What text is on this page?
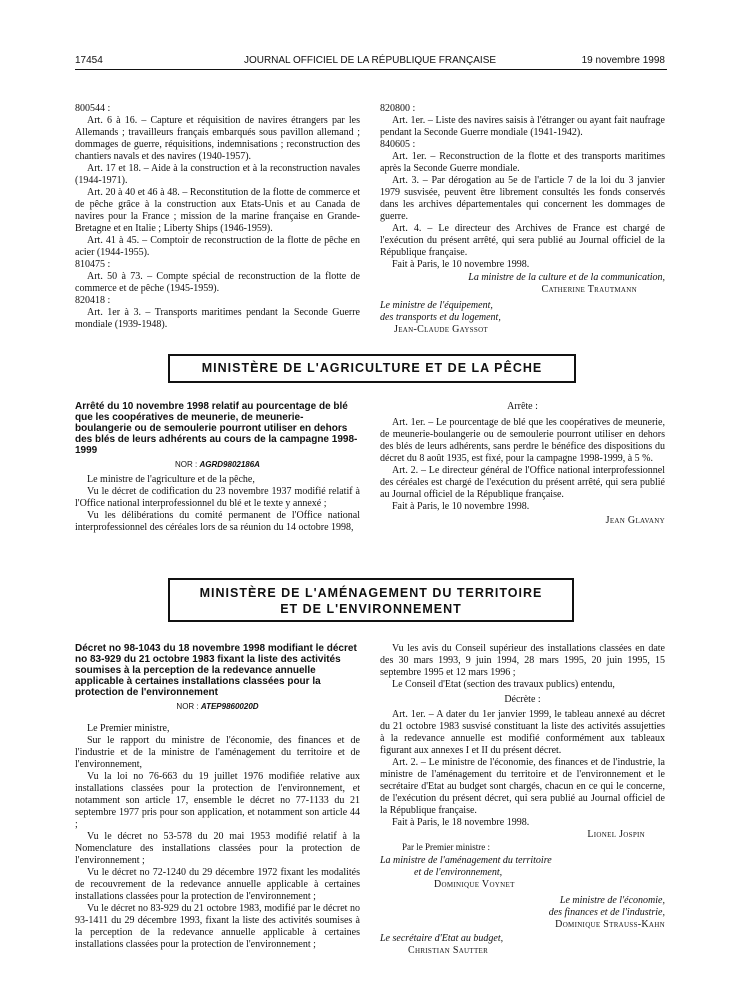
17454	JOURNAL OFFICIEL DE LA RÉPUBLIQUE FRANÇAISE	19 novembre 1998

800544 :

Art. 6 à 16. – Capture et réquisition de navires étrangers par les Allemands ; travailleurs français embarqués sous pavillon allemand ; dommages de guerre, réquisitions, indemnisations ; reconstruction des chantiers navals et des navires (1940-1957).

Art. 17 et 18. – Aide à la construction et à la reconstruction navales (1944-1971).

Art. 20 à 40 et 46 à 48. – Reconstitution de la flotte de commerce et de pêche grâce à la construction aux Etats-Unis et au Canada de navires pour la France ; mission de la marine française en Grande-Bretagne et en Italie ; Liberty Ships (1946-1959).

Art. 41 à 45. – Comptoir de reconstruction de la flotte de pêche en acier (1944-1955).

810475 :

Art. 50 à 73. – Compte spécial de reconstruction de la flotte de commerce et de pêche (1945-1959).

820418 :

Art. 1er à 3. – Transports maritimes pendant la Seconde Guerre mondiale (1939-1948).

820800 :

Art. 1er. – Liste des navires saisis à l'étranger ou ayant fait naufrage pendant la Seconde Guerre mondiale (1941-1942).

840605 :

Art. 1er. – Reconstruction de la flotte et des transports maritimes après la Seconde Guerre mondiale.

Art. 3. – Par dérogation au 5e de l'article 7 de la loi du 3 janvier 1979 susvisée, peuvent être librement consultés les fonds conservés dans les archives départementales qui concernent les dommages de guerre.

Art. 4. – Le directeur des Archives de France est chargé de l'exécution du présent arrêté, qui sera publié au Journal officiel de la République française.

Fait à Paris, le 10 novembre 1998.

La ministre de la culture et de la communication,

Catherine Trautmann

Le ministre de l'équipement,

des transports et du logement,

Jean-Claude Gayssot

MINISTÈRE DE L'AGRICULTURE ET DE LA PÊCHE

Arrêté du 10 novembre 1998 relatif au pourcentage de blé que les coopératives de meunerie, de meunerie-boulangerie ou de semoulerie pourront utiliser en dehors des blés de leurs adhérents au cours de la campagne 1998-1999

NOR : AGRD9802186A

Le ministre de l'agriculture et de la pêche,

Vu le décret de codification du 23 novembre 1937 modifié relatif à l'Office national interprofessionnel du blé et le texte y annexé ;

Vu les délibérations du comité permanent de l'Office national interprofessionnel des céréales lors de sa réunion du 14 octobre 1998,

Arrête :

Art. 1er. – Le pourcentage de blé que les coopératives de meunerie, de meunerie-boulangerie ou de semoulerie pourront utiliser en dehors des blés de leurs adhérents, sans perdre le bénéfice des dispositions du décret du 8 août 1935, est fixé, pour la campagne 1998-1999, à 5 %.

Art. 2. – Le directeur général de l'Office national interprofessionnel des céréales est chargé de l'exécution du présent arrêté, qui sera publié au Journal officiel de la République française.

Fait à Paris, le 10 novembre 1998.

Jean Glavany

MINISTÈRE DE L'AMÉNAGEMENT DU TERRITOIRE
ET DE L'ENVIRONNEMENT

Décret no 98-1043 du 18 novembre 1998 modifiant le décret no 83-929 du 21 octobre 1983 fixant la liste des activités soumises à la perception de la redevance annuelle applicable à certaines installations classées pour la protection de l'environnement

NOR : ATEP9860020D

Le Premier ministre,

Sur le rapport du ministre de l'économie, des finances et de l'industrie et de la ministre de l'aménagement du territoire et de l'environnement,

Vu la loi no 76-663 du 19 juillet 1976 modifiée relative aux installations classées pour la protection de l'environnement, et notamment son article 17, ensemble le décret no 77-1133 du 21 septembre 1977 pris pour son application, et notamment son article 44 ;

Vu le décret no 53-578 du 20 mai 1953 modifié relatif à la Nomenclature des installations classées pour la protection de l'environnement ;

Vu le décret no 72-1240 du 29 décembre 1972 fixant les modalités de recouvrement de la redevance annuelle applicable à certaines installations classées pour la protection de l'environnement ;

Vu le décret no 83-929 du 21 octobre 1983, modifié par le décret no 93-1411 du 29 décembre 1993, fixant la liste des activités soumises à la perception de la redevance annuelle applicable à certaines installations classées pour la protection de l'environnement ;

Vu les avis du Conseil supérieur des installations classées en date des 30 mars 1993, 9 juin 1994, 28 mars 1995, 20 juin 1995, 15 septembre 1995 et 12 mars 1996 ;

Le Conseil d'Etat (section des travaux publics) entendu,

Décrète :

Art. 1er. – A dater du 1er janvier 1999, le tableau annexé au décret du 21 octobre 1983 susvisé constituant la liste des activités assujetties à la redevance annuelle est modifié conformément aux tableaux figurant aux annexes I et II du présent décret.

Art. 2. – Le ministre de l'économie, des finances et de l'industrie, la ministre de l'aménagement du territoire et de l'environnement et le secrétaire d'Etat au budget sont chargés, chacun en ce qui le concerne, de l'exécution du présent décret, qui sera publié au Journal officiel de la République française.

Fait à Paris, le 18 novembre 1998.

Lionel Jospin

Par le Premier ministre :

La ministre de l'aménagement du territoire

et de l'environnement,

Dominique Voynet

Le ministre de l'économie,

des finances et de l'industrie,

Dominique Strauss-Kahn

Le secrétaire d'Etat au budget,

Christian Sautter
